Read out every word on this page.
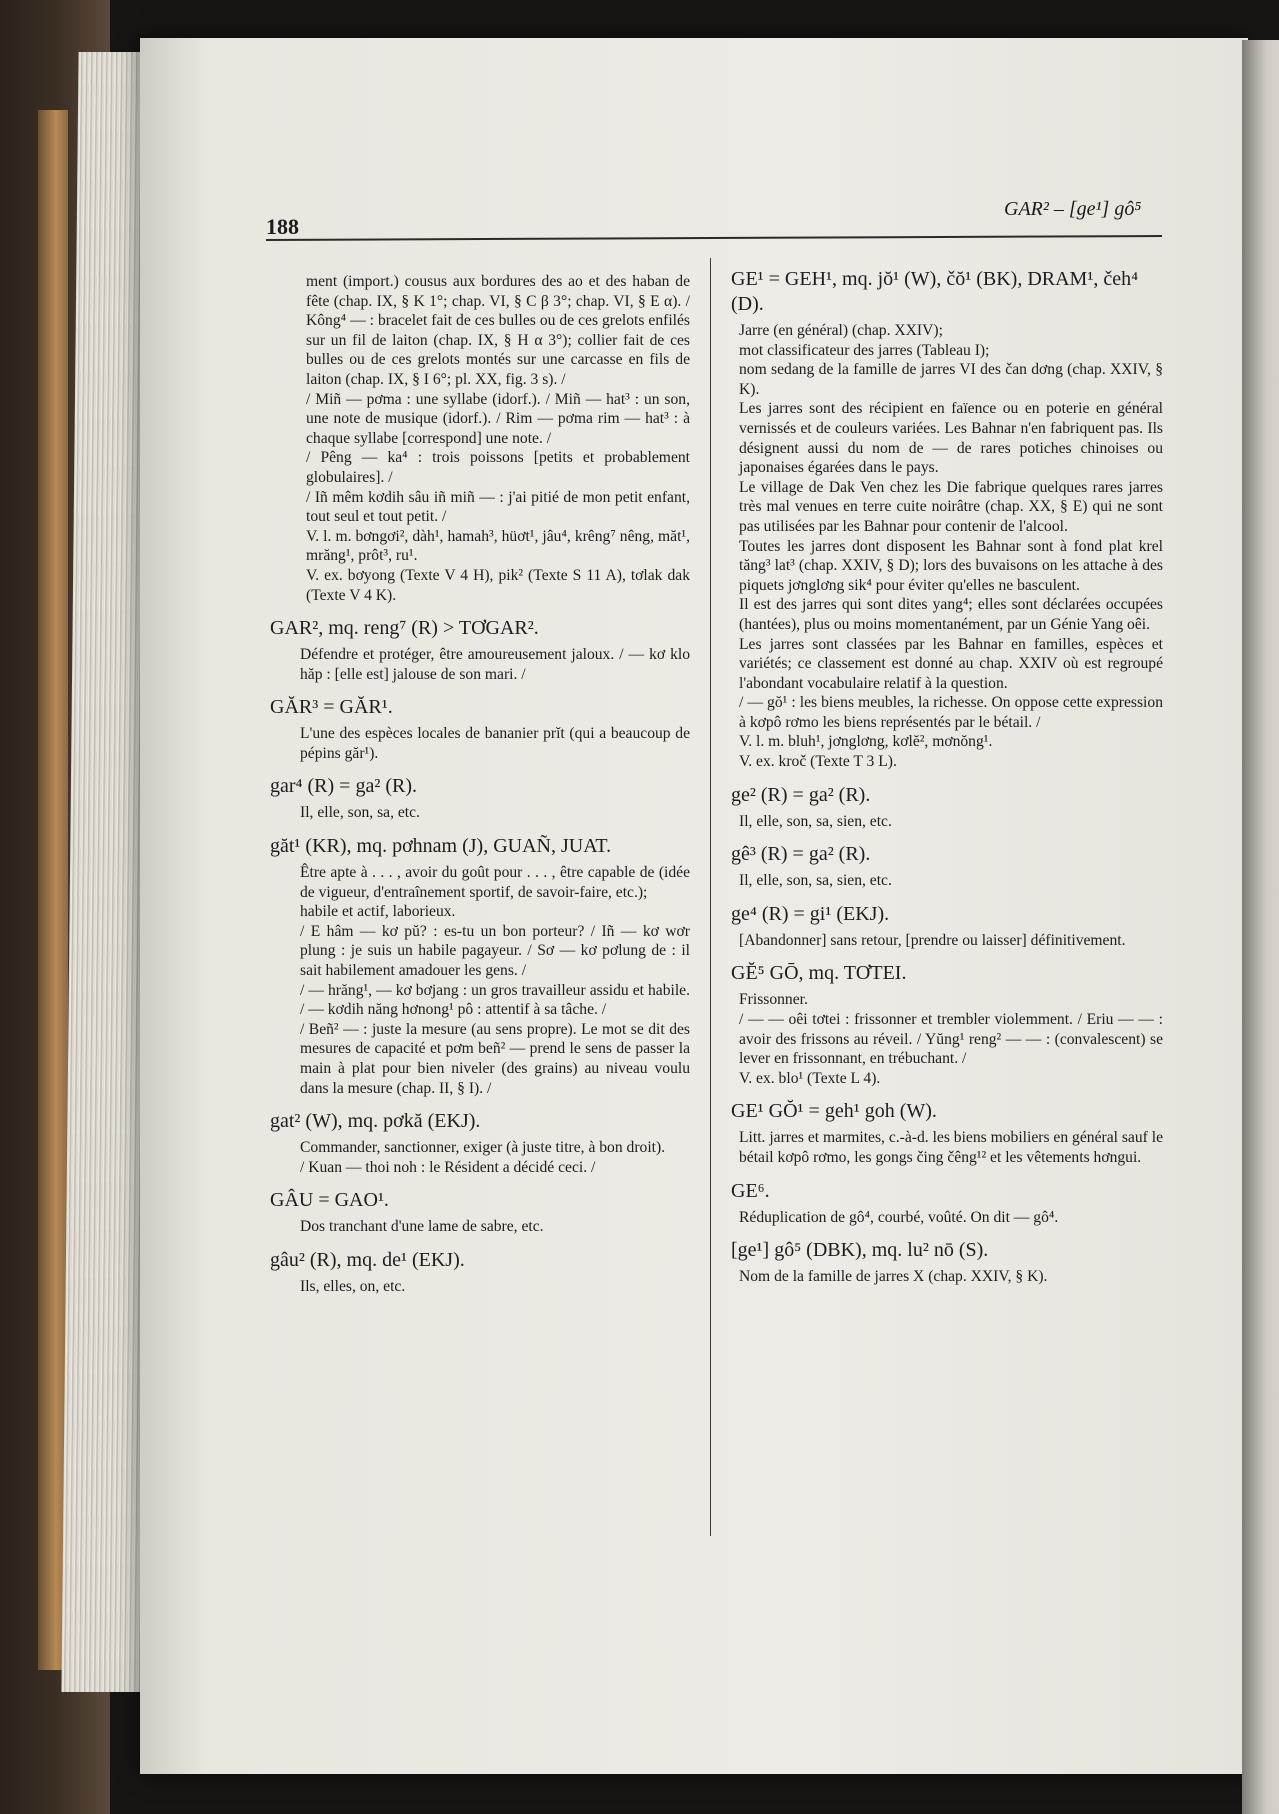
188
GAR² – [ge¹] gô⁵
ment (import.) cousus aux bordures des ao et des haban de fête (chap. IX, § K 1°; chap. VI, § C β 3°; chap. VI, § E α). / Kông⁴ — : bracelet fait de ces bulles ou de ces grelots enfilés sur un fil de laiton (chap. IX, § H α 3°); collier fait de ces bulles ou de ces grelots montés sur une carcasse en fils de laiton (chap. IX, § I 6°; pl. XX, fig. 3 s). /
/ Miñ — pơma : une syllabe (idorf.). / Miñ — hat³ : un son, une note de musique (idorf.). / Rim — pơma rim — hat³ : à chaque syllabe [correspond] une note. /
/ Pêng — ka⁴ : trois poissons [petits et probablement globulaires]. /
/ Iñ mêm kơdih sâu iñ miñ — : j'ai pitié de mon petit enfant, tout seul et tout petit. /
V. l. m. bơngơi², dàh¹, hamah³, hüơt¹, jâu⁴, krêng⁷ nêng, măt¹, mrăng¹, prôt³, ru¹.
V. ex. bơyong (Texte V 4 H), pik² (Texte S 11 A), tơlak dak (Texte V 4 K).
GAR², mq. reng⁷ (R) > TƠGAR².
Défendre et protéger, être amoureusement jaloux. / — kơ klo hăp : [elle est] jalouse de son mari. /
GĂR³ = GĂR¹.
L'une des espèces locales de bananier prĭt (qui a beaucoup de pépins găr¹).
gar⁴ (R) = ga² (R).
Il, elle, son, sa, etc.
găt¹ (KR), mq. pơhnam (J), GUAÑ, JUAT.
Être apte à . . . , avoir du goût pour . . . , être capable de (idée de vigueur, d'entraînement sportif, de savoir-faire, etc.);
habile et actif, laborieux.
/ E hâm — kơ pŭ? : es-tu un bon porteur? / Iñ — kơ wơr plung : je suis un habile pagayeur. / Sơ — kơ pơlung de : il sait habilement amadouer les gens. /
/ — hrăng¹, — kơ bơjang : un gros travailleur assidu et habile. / — kơdih năng hơnong¹ pô : attentif à sa tâche. /
/ Beñ² — : juste la mesure (au sens propre). Le mot se dit des mesures de capacité et pơm beñ² — prend le sens de passer la main à plat pour bien niveler (des grains) au niveau voulu dans la mesure (chap. II, § I). /
gat² (W), mq. pơkă (EKJ).
Commander, sanctionner, exiger (à juste titre, à bon droit).
/ Kuan — thoi noh : le Résident a décidé ceci. /
GÂU = GAO¹.
Dos tranchant d'une lame de sabre, etc.
gâu² (R), mq. de¹ (EKJ).
Ils, elles, on, etc.
GE¹ = GEH¹, mq. jŏ¹ (W), čŏ¹ (BK), DRAM¹, čeh⁴ (D).
Jarre (en général) (chap. XXIV);
mot classificateur des jarres (Tableau I);
nom sedang de la famille de jarres VI des čan dơng (chap. XXIV, § K).
Les jarres sont des récipient en faïence ou en poterie en général vernissés et de couleurs variées. Les Bahnar n'en fabriquent pas. Ils désignent aussi du nom de — de rares potiches chinoises ou japonaises égarées dans le pays.
Le village de Dak Ven chez les Die fabrique quelques rares jarres très mal venues en terre cuite noirâtre (chap. XX, § E) qui ne sont pas utilisées par les Bahnar pour contenir de l'alcool.
Toutes les jarres dont disposent les Bahnar sont à fond plat krel tăng³ lat³ (chap. XXIV, § D); lors des buvaisons on les attache à des piquets jơnglơng sik⁴ pour éviter qu'elles ne basculent.
Il est des jarres qui sont dites yang⁴; elles sont déclarées occupées (hantées), plus ou moins momentanément, par un Génie Yang oêi.
Les jarres sont classées par les Bahnar en familles, espèces et variétés; ce classement est donné au chap. XXIV où est regroupé l'abondant vocabulaire relatif à la question.
/ — gŏ¹ : les biens meubles, la richesse. On oppose cette expression à kơpô rơmo les biens représentés par le bétail. /
V. l. m. bluh¹, jơnglơng, kơlĕ², mơnŏng¹.
V. ex. kroč (Texte T 3 L).
ge² (R) = ga² (R).
Il, elle, son, sa, sien, etc.
gê³ (R) = ga² (R).
Il, elle, son, sa, sien, etc.
ge⁴ (R) = gi¹ (EKJ).
[Abandonner] sans retour, [prendre ou laisser] définitivement.
GĔ⁵ GŌ, mq. TƠTEI.
Frissonner.
/ — — oêi tơtei : frissonner et trembler violemment. / Eriu — — : avoir des frissons au réveil. / Yŭng¹ reng² — — : (convalescent) se lever en frissonnant, en trébuchant. /
V. ex. blo¹ (Texte L 4).
GE¹ GŎ¹ = geh¹ goh (W).
Litt. jarres et marmites, c.-à-d. les biens mobiliers en général sauf le bétail kơpô rơmo, les gongs čing čêng¹² et les vêtements hơngui.
GE⁶.
Réduplication de gô⁴, courbé, voûté. On dit — gô⁴.
[ge¹] gô⁵ (DBK), mq. lu² nō (S).
Nom de la famille de jarres X (chap. XXIV, § K).
